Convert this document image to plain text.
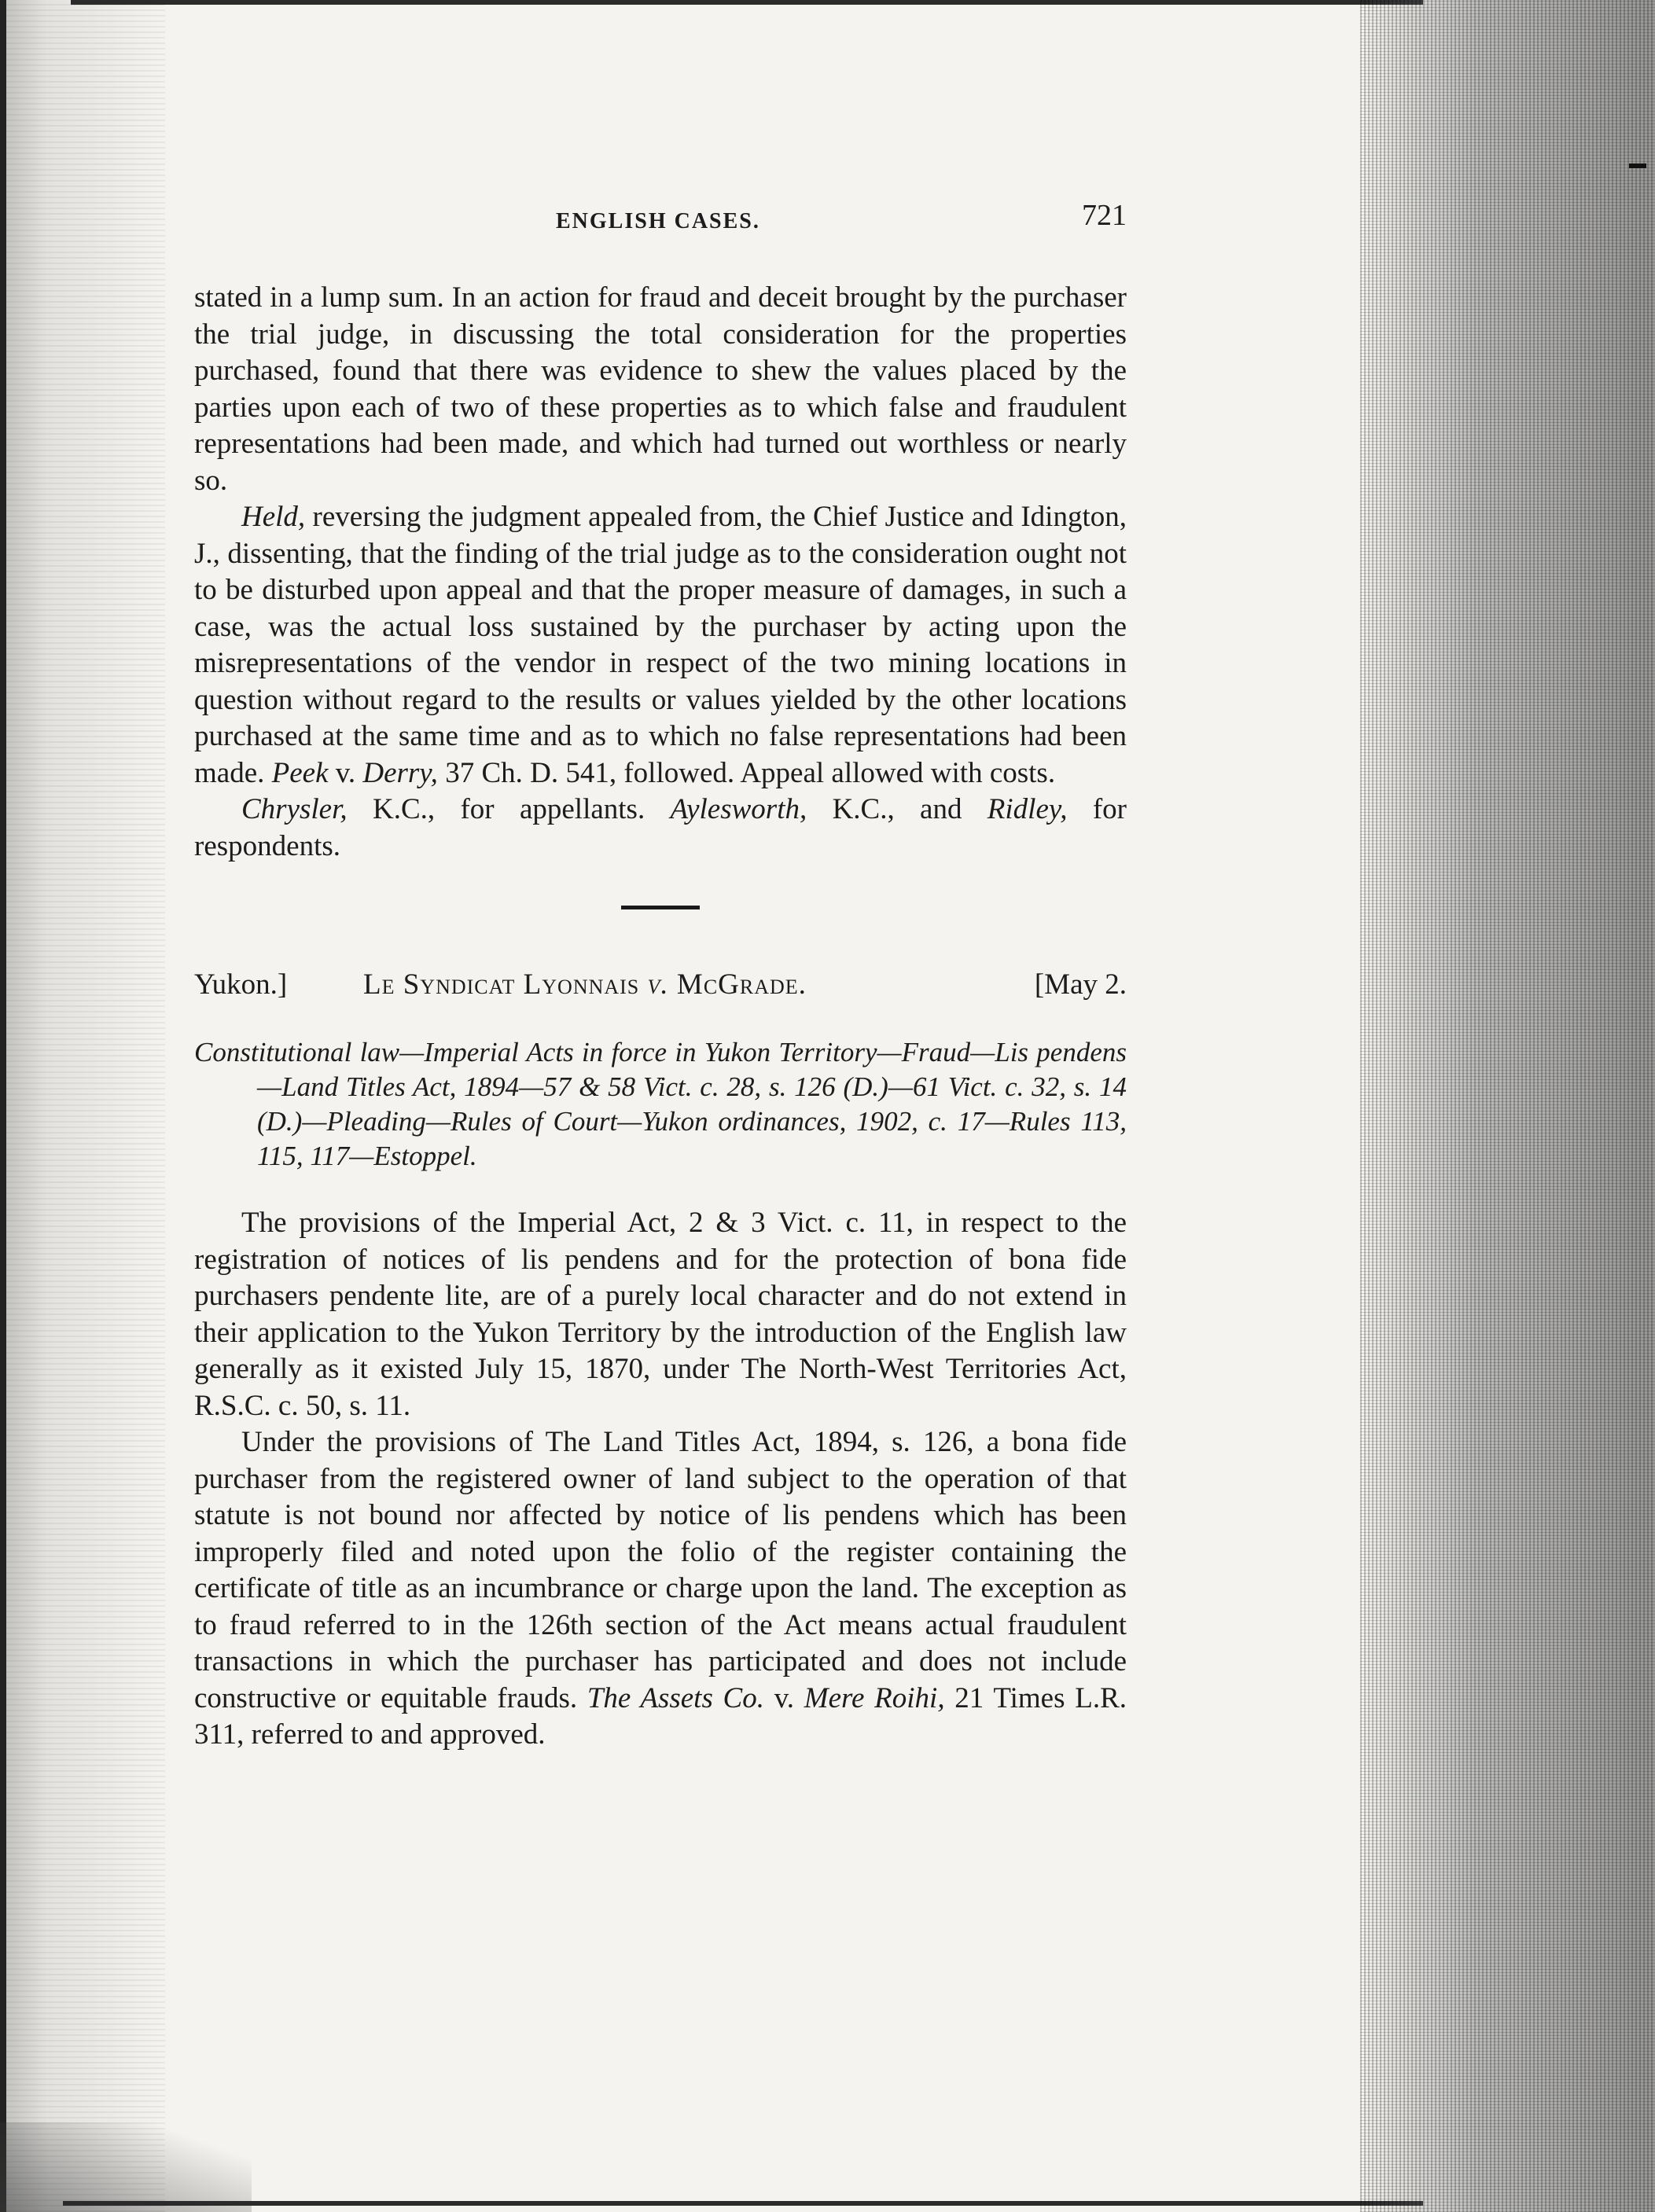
ENGLISH CASES.	721

stated in a lump sum. In an action for fraud and deceit brought by the purchaser the trial judge, in discussing the total consideration for the properties purchased, found that there was evidence to shew the values placed by the parties upon each of two of these properties as to which false and fraudulent representations had been made, and which had turned out worthless or nearly so.

Held, reversing the judgment appealed from, the Chief Justice and Idington, J., dissenting, that the finding of the trial judge as to the consideration ought not to be disturbed upon appeal and that the proper measure of damages, in such a case, was the actual loss sustained by the purchaser by acting upon the misrepresentations of the vendor in respect of the two mining locations in question without regard to the results or values yielded by the other locations purchased at the same time and as to which no false representations had been made. Peek v. Derry, 37 Ch. D. 541, followed. Appeal allowed with costs.

Chrysler, K.C., for appellants. Aylesworth, K.C., and Ridley, for respondents.

Yukon.]	Le Syndicat Lyonnais v. McGrade.	[May 2.
Constitutional law—Imperial Acts in force in Yukon Territory—Fraud—Lis pendens—Land Titles Act, 1894—57 & 58 Vict. c. 28, s. 126 (D.)—61 Vict. c. 32, s. 14 (D.)—Pleading—Rules of Court—Yukon ordinances, 1902, c. 17—Rules 113, 115, 117—Estoppel.

The provisions of the Imperial Act, 2 & 3 Vict. c. 11, in respect to the registration of notices of lis pendens and for the protection of bona fide purchasers pendente lite, are of a purely local character and do not extend in their application to the Yukon Territory by the introduction of the English law generally as it existed July 15, 1870, under The North-West Territories Act, R.S.C. c. 50, s. 11.

Under the provisions of The Land Titles Act, 1894, s. 126, a bona fide purchaser from the registered owner of land subject to the operation of that statute is not bound nor affected by notice of lis pendens which has been improperly filed and noted upon the folio of the register containing the certificate of title as an incumbrance or charge upon the land. The exception as to fraud referred to in the 126th section of the Act means actual fraudulent transactions in which the purchaser has participated and does not include constructive or equitable frauds. The Assets Co. v. Mere Roihi, 21 Times L.R. 311, referred to and approved.
